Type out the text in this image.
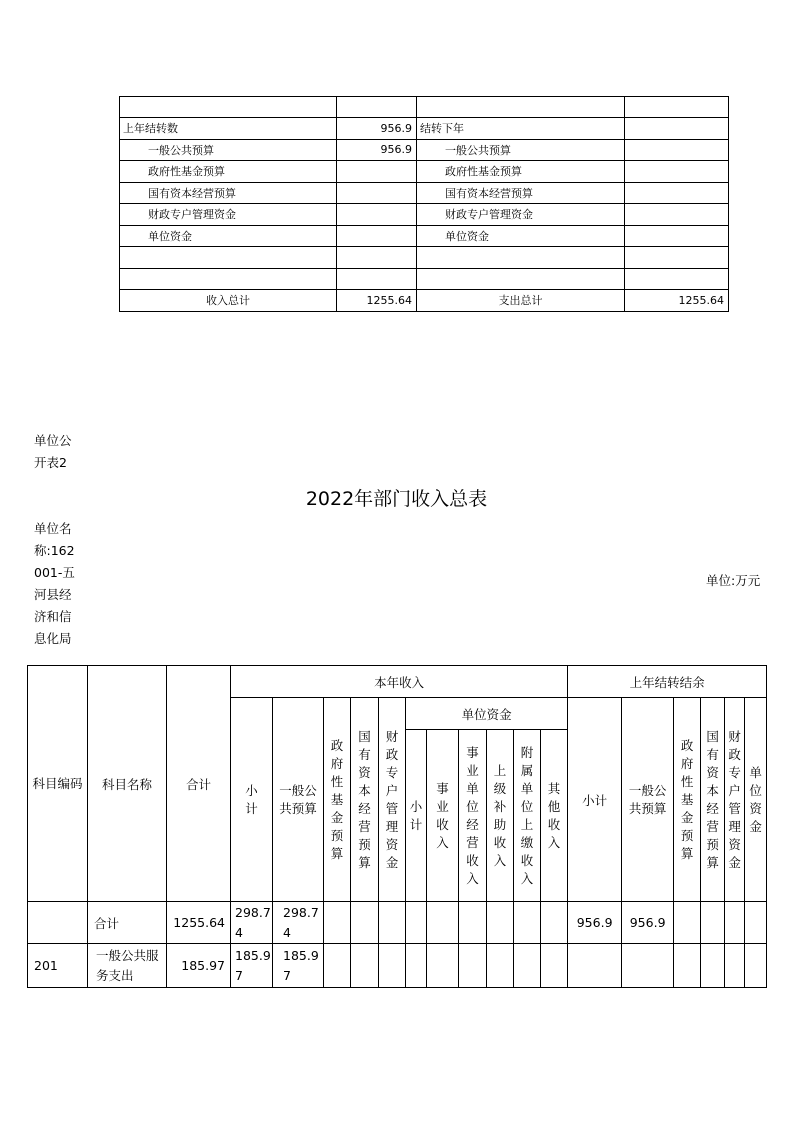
上年结转数	956.9	结转下年	
一般公共预算	956.9	一般公共预算	
政府性基金预算		政府性基金预算	
国有资本经营预算		国有资本经营预算	
财政专户管理资金		财政专户管理资金	
单位资金		单位资金	

收入总计	1255.64	支出总计	1255.64
单位公开表2
2022年部门收入总表
单位名称:162001-五河县经济和信息化局
单位:万元
科目编码	科目名称	合计	本年收入											上年结转结余					

			小计	一般公共预算	政府性基金预算	国有资本经营预算	财政专户管理资金	单位资金						小计	一般公共预算	政府性基金预算	国有资本经营预算	财政专户管理资金	单位资金

								小计	事业收入	事业单位经营收入	上级补助收入	附属单位上缴收入	其他收入						

	合计	1255.64	298.74	298.74										956.9	956.9				
201	一般公共服务支出	185.97	185.97	185.97															
